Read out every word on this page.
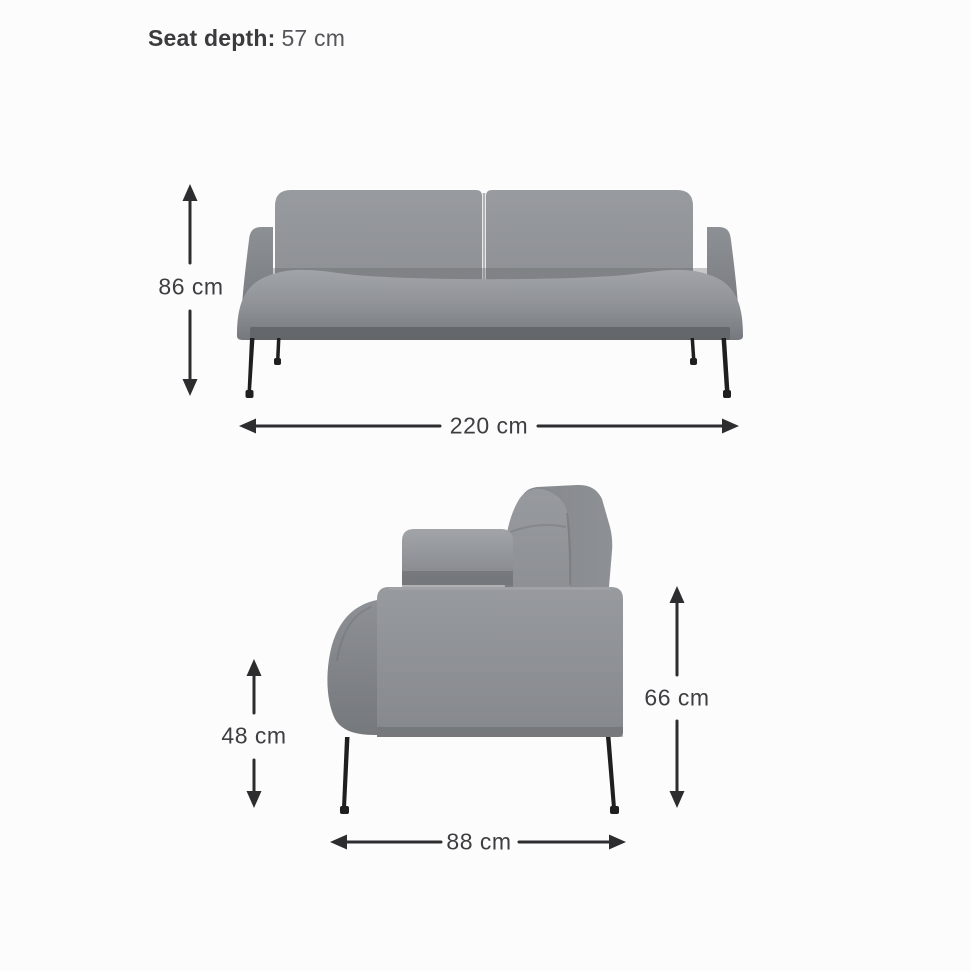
Seat depth: 57 cm
86 cm
220 cm
48 cm
66 cm
88 cm
